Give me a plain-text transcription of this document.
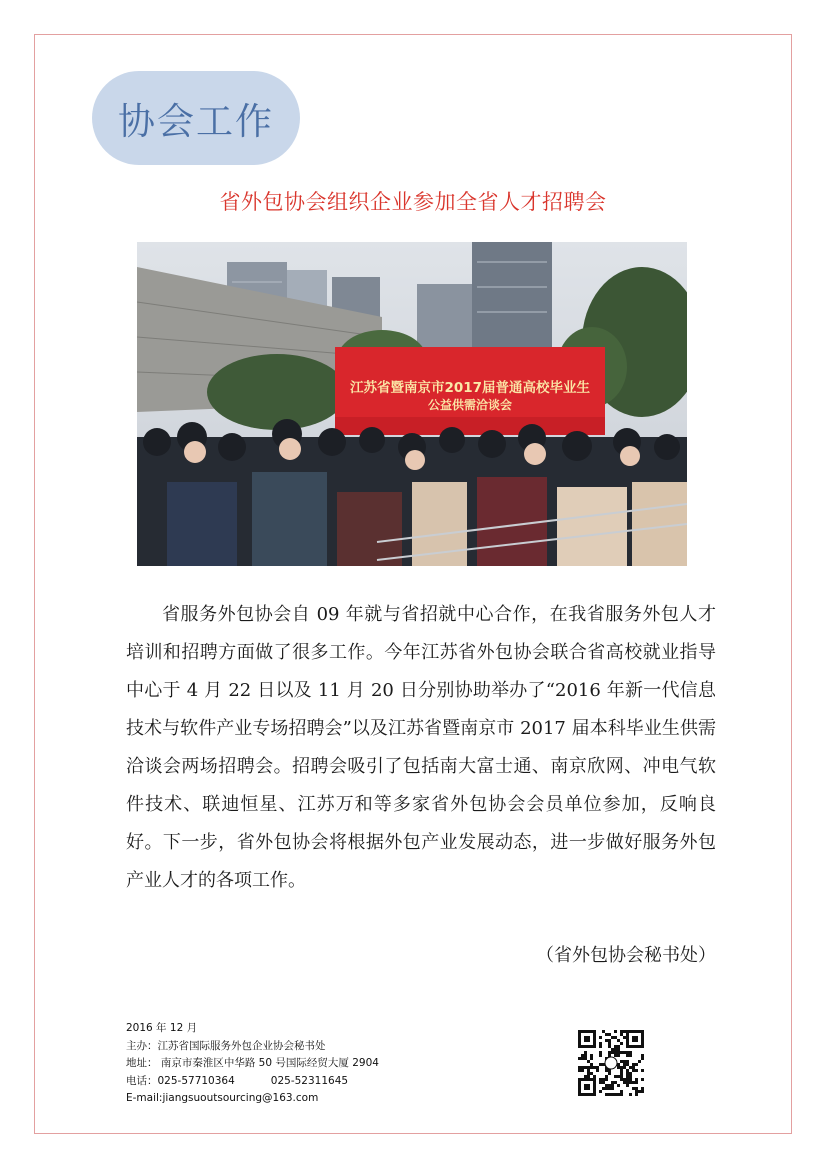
协会工作
省外包协会组织企业参加全省人才招聘会
江苏省暨南京市2017届普通高校毕业生
公益供需洽谈会

省服务外包协会自 09 年就与省招就中心合作，在我省服务外包人才培训和招聘方面做了很多工作。今年江苏省外包协会联合省高校就业指导中心于 4 月 22 日以及 11 月 20 日分别协助举办了“2016 年新一代信息技术与软件产业专场招聘会”以及江苏省暨南京市 2017 届本科毕业生供需洽谈会两场招聘会。招聘会吸引了包括南大富士通、南京欣网、冲电气软件技术、联迪恒星、江苏万和等多家省外包协会会员单位参加，反响良好。下一步，省外包协会将根据外包产业发展动态，进一步做好服务外包产业人才的各项工作。

（省外包协会秘书处）
2016 年 12 月
主办：江苏省国际服务外包企业协会秘书处
地址： 南京市秦淮区中华路 50 号国际经贸大厦 2904
电话：025-57710364	025-52311645
E-mail:jiangsuoutsourcing@163.com
